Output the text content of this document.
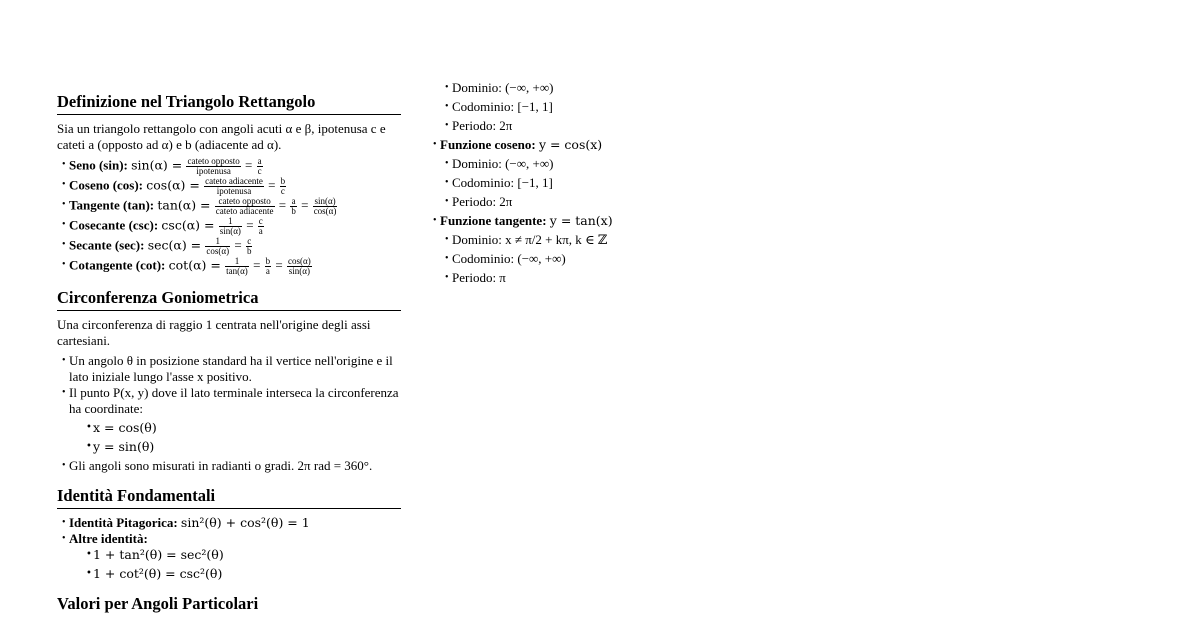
Definizione nel Triangolo Rettangolo

Sia un triangolo rettangolo con angoli acuti α e β, ipotenusa c e cateti a (opposto ad α) e b (adiacente ad α).

• Seno (sin): $\sin(\alpha) = \frac{\text{cateto opposto}}{\text{ipotenusa}} = \frac{a}{c}$
• Coseno (cos): $\cos(\alpha) = \frac{\text{cateto adiacente}}{\text{ipotenusa}} = \frac{b}{c}$
• Tangente (tan): $\tan(\alpha) = \frac{\text{cateto opposto}}{\text{cateto adiacente}} = \frac{a}{b} = \frac{\sin(\alpha)}{\cos(\alpha)}$
• Cosecante (csc): $\csc(\alpha) = \frac{1}{\sin(\alpha)} = \frac{c}{a}$
• Secante (sec): $\sec(\alpha) = \frac{1}{\cos(\alpha)} = \frac{c}{b}$
• Cotangente (cot): $\cot(\alpha) = \frac{1}{\tan(\alpha)} = \frac{b}{a} = \frac{\cos(\alpha)}{\sin(\alpha)}$
Circonferenza Goniometrica

Una circonferenza di raggio 1 centrata nell'origine degli assi cartesiani.

• Un angolo θ in posizione standard ha il vertice nell'origine e il lato iniziale lungo l'asse x positivo.
• Il punto P(x, y) dove il lato terminale interseca la circonferenza ha coordinate:
• x = cos(θ)
• y = sin(θ)
• Gli angoli sono misurati in radianti o gradi. 2π rad = 360°.
Identità Fondamentali
• Identità Pitagorica: sin²(θ) + cos²(θ) = 1
• Altre identità:
• 1 + tan²(θ) = sec²(θ)
• 1 + cot²(θ) = csc²(θ)
Valori per Angoli Particolari
• Dominio: (−∞, +∞)
• Codominio: [−1, 1]
• Periodo: 2π
• Funzione coseno: y = cos(x)
• Dominio: (−∞, +∞)
• Codominio: [−1, 1]
• Periodo: 2π
• Funzione tangente: y = tan(x)
• Dominio: x ≠ π/2 + kπ, k ∈ ℤ
• Codominio: (−∞, +∞)
• Periodo: π
